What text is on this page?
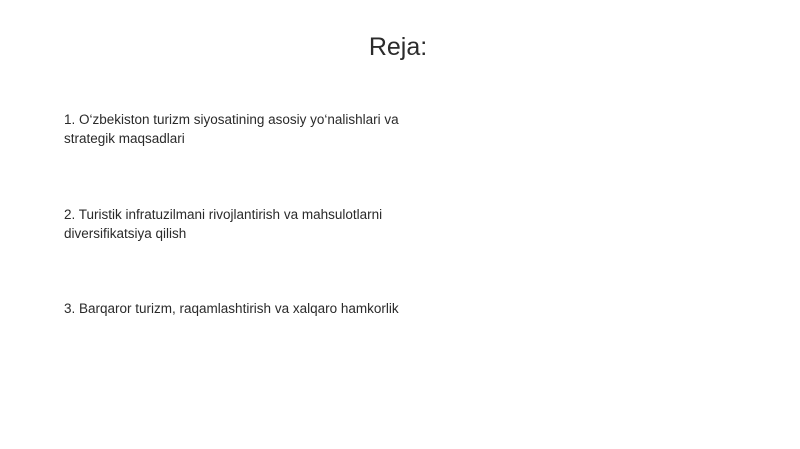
Reja:
1. O‘zbekiston turizm siyosatining asosiy yo‘nalishlari va strategik maqsadlari
2. Turistik infratuzilmani rivojlantirish va mahsulotlarni diversifikatsiya qilish
3. Barqaror turizm, raqamlashtirish va xalqaro hamkorlik
